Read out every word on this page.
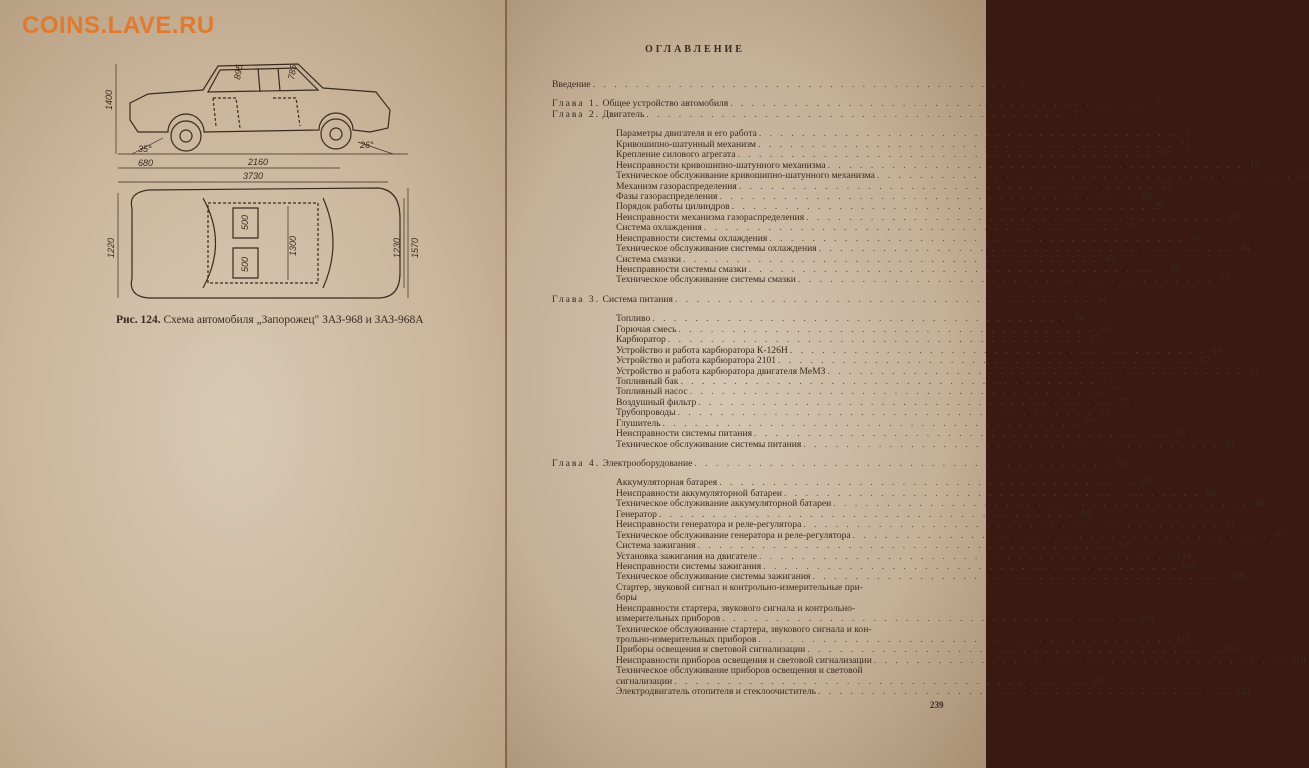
COINS.LAVE.RU
1400
35°	26°
680	2160
3730
895	785
500
500
1300
1220	1230 1570
Рис. 124. Схема автомобиля „Запорожец" ЗАЗ-968 и ЗАЗ-968А
ОГЛАВЛЕНИЕ
Введение . . . . . . . . . . . . . . . . . . . . . . . . . . . . . . . . . . . . . . .	3
Глава 1. Общее устройство автомобиля . . . . . . . . . . . . . . . . . . . . . . . . . . . . . . . . . . . . . . .	5
Глава 2. Двигатель . . . . . . . . . . . . . . . . . . . . . . . . . . . . . . . . . . . . . . .	7
Параметры двигателя и его работа . . . . . . . . . . . . . . . . . . . . . . . . . . . . . . . . . . . . . . .	7
Кривошипно-шатунный механизм . . . . . . . . . . . . . . . . . . . . . . . . . . . . . . . . . . . . . . . 11
Крепление силового агрегата . . . . . . . . . . . . . . . . . . . . . . . . . . . . . . . . . . . . . . . 18
Неисправности кривошипно-шатунного механизма . . . . . . . . . . . . . . . . . . . . . . . . . . . . . . . . . . . . . . . 19
Техническое обслуживание кривошипно-шатунного механизма . . . . . . . . . . . . . . . . . . . . . . . . . . . . . . . . . . . . . . . 22
Механизм газораспределения . . . . . . . . . . . . . . . . . . . . . . . . . . . . . . . . . . . . . . . 23
Фазы газораспределения . . . . . . . . . . . . . . . . . . . . . . . . . . . . . . . . . . . . . . . 29
Порядок работы цилиндров . . . . . . . . . . . . . . . . . . . . . . . . . . . . . . . . . . . . . . . 29
Неисправности механизма газораспределения . . . . . . . . . . . . . . . . . . . . . . . . . . . . . . . . . . . . . . . 30
Система охлаждения . . . . . . . . . . . . . . . . . . . . . . . . . . . . . . . . . . . . . . . 33
Неисправности системы охлаждения . . . . . . . . . . . . . . . . . . . . . . . . . . . . . . . . . . . . . . . 41
Техническое обслуживание системы охлаждения . . . . . . . . . . . . . . . . . . . . . . . . . . . . . . . . . . . . . . . 44
Система смазки . . . . . . . . . . . . . . . . . . . . . . . . . . . . . . . . . . . . . . . 45
Неисправности системы смазки . . . . . . . . . . . . . . . . . . . . . . . . . . . . . . . . . . . . . . . 50
Техническое обслуживание системы смазки . . . . . . . . . . . . . . . . . . . . . . . . . . . . . . . . . . . . . . . 51
Глава 3. Система питания . . . . . . . . . . . . . . . . . . . . . . . . . . . . . . . . . . . . . . . 54
Топливо . . . . . . . . . . . . . . . . . . . . . . . . . . . . . . . . . . . . . . . 54
Горючая смесь . . . . . . . . . . . . . . . . . . . . . . . . . . . . . . . . . . . . . . . 56
Карбюратор . . . . . . . . . . . . . . . . . . . . . . . . . . . . . . . . . . . . . . . 57
Устройство и работа карбюратора К-126Н . . . . . . . . . . . . . . . . . . . . . . . . . . . . . . . . . . . . . . . 64
Устройство и работа карбюратора 2101 . . . . . . . . . . . . . . . . . . . . . . . . . . . . . . . . . . . . . . . 67
Устройство и работа карбюратора двигателя МеМЗ . . . . . . . . . . . . . . . . . . . . . . . . . . . . . . . . . . . . . . . 71
Топливный бак . . . . . . . . . . . . . . . . . . . . . . . . . . . . . . . . . . . . . . . 73
Топливный насос . . . . . . . . . . . . . . . . . . . . . . . . . . . . . . . . . . . . . . . 73
Воздушный фильтр . . . . . . . . . . . . . . . . . . . . . . . . . . . . . . . . . . . . . . . 75
Трубопроводы . . . . . . . . . . . . . . . . . . . . . . . . . . . . . . . . . . . . . . . 77
Глушитель . . . . . . . . . . . . . . . . . . . . . . . . . . . . . . . . . . . . . . . 77
Неисправности системы питания . . . . . . . . . . . . . . . . . . . . . . . . . . . . . . . . . . . . . . . 78
Техническое обслуживание системы питания . . . . . . . . . . . . . . . . . . . . . . . . . . . . . . . . . . . . . . . 82
Глава 4. Электрооборудование . . . . . . . . . . . . . . . . . . . . . . . . . . . . . . . . . . . . . . . 83
Аккумуляторная батарея . . . . . . . . . . . . . . . . . . . . . . . . . . . . . . . . . . . . . . . 83
Неисправности аккумуляторной батареи . . . . . . . . . . . . . . . . . . . . . . . . . . . . . . . . . . . . . . . 86
Техническое обслуживание аккумуляторной батареи . . . . . . . . . . . . . . . . . . . . . . . . . . . . . . . . . . . . . . . 88
Генератор . . . . . . . . . . . . . . . . . . . . . . . . . . . . . . . . . . . . . . . 90
Неисправности генератора и реле-регулятора . . . . . . . . . . . . . . . . . . . . . . . . . . . . . . . . . . . . . . . 92
Техническое обслуживание генератора и реле-регулятора . . . . . . . . . . . . . . . . . . . . . . . . . . . . . . . . . . . . . . . 93
Система зажигания . . . . . . . . . . . . . . . . . . . . . . . . . . . . . . . . . . . . . . . 94
Установка зажигания на двигателе . . . . . . . . . . . . . . . . . . . . . . . . . . . . . . . . . . . . . . . 104
Неисправности системы зажигания . . . . . . . . . . . . . . . . . . . . . . . . . . . . . . . . . . . . . . . 105
Техническое обслуживание системы зажигания . . . . . . . . . . . . . . . . . . . . . . . . . . . . . . . . . . . . . . . 106
Стартер, звуковой сигнал и контрольно-измерительные при-
боры
Неисправности стартера, звукового сигнала и контрольно-
измерительных приборов . . . . . . . . . . . . . . . . . . . . . . . . . . . . . . . . . . . . . . . 114
Техническое обслуживание стартера, звукового сигнала и кон-
трольно-измерительных приборов . . . . . . . . . . . . . . . . . . . . . . . . . . . . . . . . . . . . . . . 115
Приборы освещения и световой сигнализации . . . . . . . . . . . . . . . . . . . . . . . . . . . . . . . . . . . . . . . 115
Неисправности приборов освещения и световой сигнализации . . . . . . . . . . . . . . . . . . . . . . . . . . . . . . . . . . . . . . . 118
Техническое обслуживание приборов освещения и световой
сигнализации . . . . . . . . . . . . . . . . . . . . . . . . . . . . . . . . . . . . . . . 120
Электродвигатель отопителя и стеклоочиститель . . . . . . . . . . . . . . . . . . . . . . . . . . . . . . . . . . . . . . . 120
239
